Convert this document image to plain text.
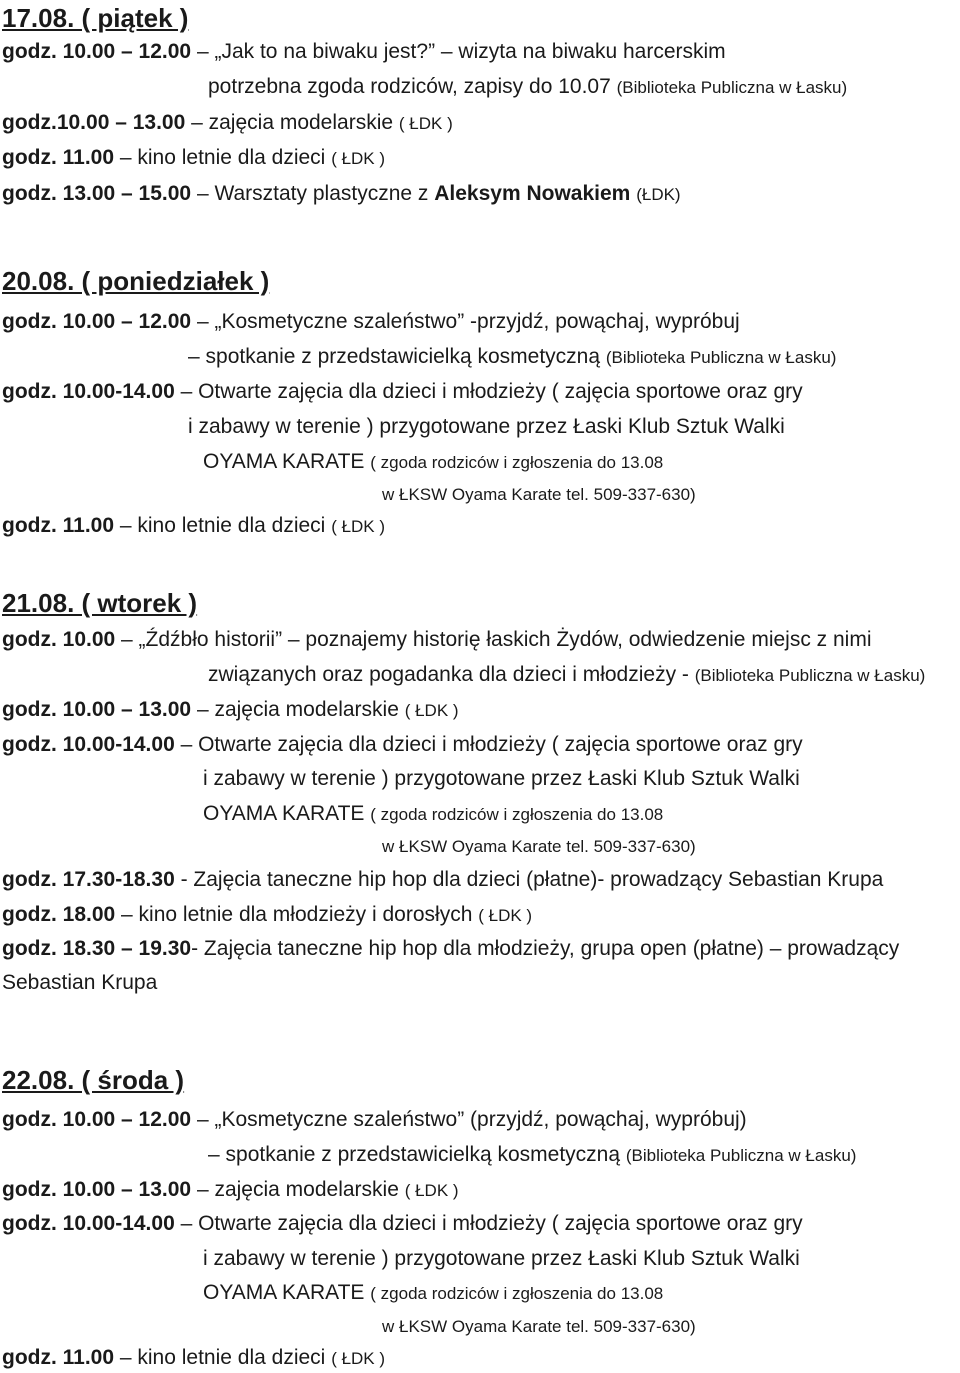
17.08. ( piątek )
godz. 10.00 – 12.00 – „Jak to na biwaku jest?” – wizyta na biwaku harcerskim
potrzebna zgoda rodziców, zapisy do 10.07 (Biblioteka Publiczna w Łasku)
godz.10.00 – 13.00 – zajęcia modelarskie ( ŁDK )
godz. 11.00 – kino letnie dla dzieci ( ŁDK )
godz. 13.00 – 15.00 – Warsztaty plastyczne z Aleksym Nowakiem (ŁDK)
20.08. ( poniedziałek )
godz. 10.00 – 12.00 – „Kosmetyczne szaleństwo” -przyjdź, powąchaj, wypróbuj
– spotkanie z przedstawicielką kosmetyczną (Biblioteka Publiczna w Łasku)
godz. 10.00-14.00 – Otwarte zajęcia dla dzieci i młodzieży ( zajęcia sportowe oraz gry
i zabawy w terenie ) przygotowane przez Łaski Klub Sztuk Walki
OYAMA KARATE ( zgoda rodziców i zgłoszenia do 13.08
w ŁKSW Oyama Karate tel. 509-337-630)
godz. 11.00 – kino letnie dla dzieci ( ŁDK )
21.08. ( wtorek )
godz. 10.00 – „Źdźbło historii” – poznajemy historię łaskich Żydów, odwiedzenie miejsc z nimi
związanych oraz pogadanka dla dzieci i młodzieży - (Biblioteka Publiczna w Łasku)
godz. 10.00 – 13.00 – zajęcia modelarskie ( ŁDK )
godz. 10.00-14.00 – Otwarte zajęcia dla dzieci i młodzieży ( zajęcia sportowe oraz gry
i zabawy w terenie ) przygotowane przez Łaski Klub Sztuk Walki
OYAMA KARATE ( zgoda rodziców i zgłoszenia do 13.08
w ŁKSW Oyama Karate tel. 509-337-630)
godz. 17.30-18.30 - Zajęcia taneczne hip hop dla dzieci (płatne)- prowadzący Sebastian Krupa
godz. 18.00 – kino letnie dla młodzieży i dorosłych ( ŁDK )
godz. 18.30 – 19.30- Zajęcia taneczne hip hop dla młodzieży, grupa open (płatne) – prowadzący
Sebastian Krupa
22.08. ( środa )
godz. 10.00 – 12.00 – „Kosmetyczne szaleństwo” (przyjdź, powąchaj, wypróbuj)
– spotkanie z przedstawicielką kosmetyczną (Biblioteka Publiczna w Łasku)
godz. 10.00 – 13.00 – zajęcia modelarskie ( ŁDK )
godz. 10.00-14.00 – Otwarte zajęcia dla dzieci i młodzieży ( zajęcia sportowe oraz gry
i zabawy w terenie ) przygotowane przez Łaski Klub Sztuk Walki
OYAMA KARATE ( zgoda rodziców i zgłoszenia do 13.08
w ŁKSW Oyama Karate tel. 509-337-630)
godz. 11.00 – kino letnie dla dzieci ( ŁDK )
